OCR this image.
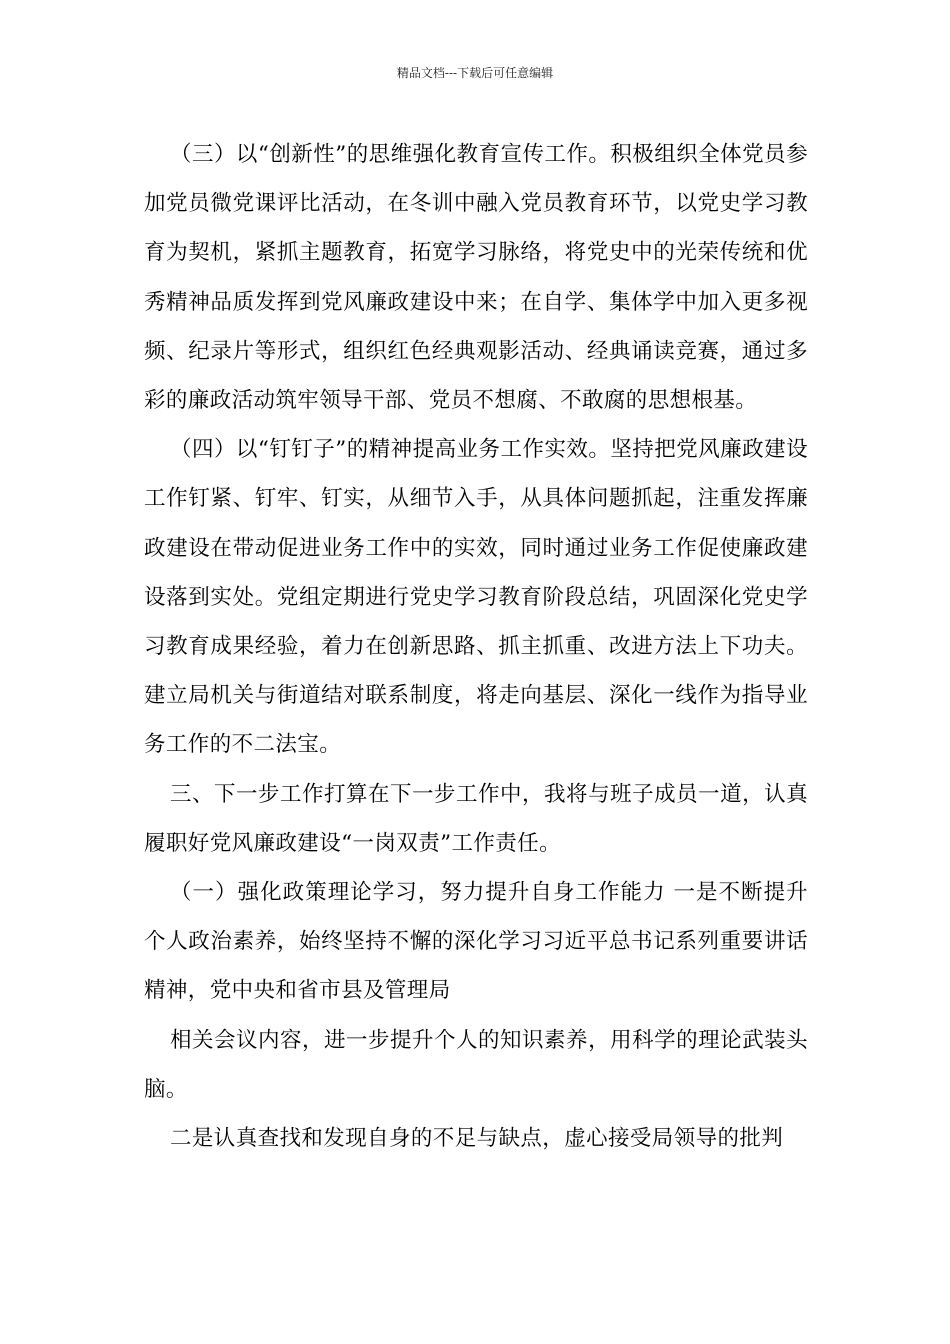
精品文档---下载后可任意编辑

（三）以“创新性”的思维强化教育宣传工作。积极组织全体党员参加党员微党课评比活动，在冬训中融入党员教育环节，以党史学习教育为契机，紧抓主题教育，拓宽学习脉络，将党史中的光荣传统和优秀精神品质发挥到党风廉政建设中来；在自学、集体学中加入更多视频、纪录片等形式，组织红色经典观影活动、经典诵读竞赛，通过多彩的廉政活动筑牢领导干部、党员不想腐、不敢腐的思想根基。

（四）以“钉钉子”的精神提高业务工作实效。坚持把党风廉政建设工作钉紧、钉牢、钉实，从细节入手，从具体问题抓起，注重发挥廉政建设在带动促进业务工作中的实效，同时通过业务工作促使廉政建设落到实处。党组定期进行党史学习教育阶段总结，巩固深化党史学习教育成果经验，着力在创新思路、抓主抓重、改进方法上下功夫。建立局机关与街道结对联系制度，将走向基层、深化一线作为指导业务工作的不二法宝。

三、下一步工作打算在下一步工作中，我将与班子成员一道，认真履职好党风廉政建设“一岗双责”工作责任。

（一）强化政策理论学习，努力提升自身工作能力 一是不断提升个人政治素养，始终坚持不懈的深化学习习近平总书记系列重要讲话精神，党中央和省市县及管理局

相关会议内容，进一步提升个人的知识素养，用科学的理论武装头脑。

二是认真查找和发现自身的不足与缺点，虚心接受局领导的批判
